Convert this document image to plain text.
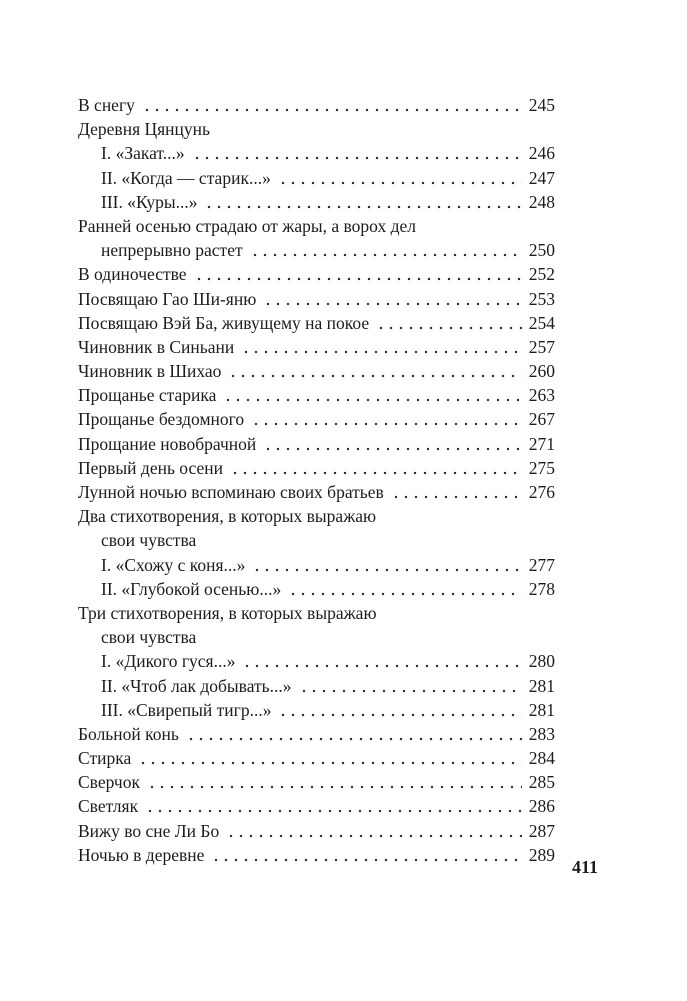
В снегу	245
Деревня Цянцунь
I. «Закат...»	246
II. «Когда — старик...»	247
III. «Куры...»	248
Ранней осенью страдаю от жары, а ворох дел
непрерывно растет	250
В одиночестве	252
Посвящаю Гао Ши-яню	253
Посвящаю Вэй Ба, живущему на покое	254
Чиновник в Синьани	257
Чиновник в Шихао	260
Прощанье старика	263
Прощанье бездомного	267
Прощание новобрачной	271
Первый день осени	275
Лунной ночью вспоминаю своих братьев	276
Два стихотворения, в которых выражаю
свои чувства
I. «Схожу с коня...»	277
II. «Глубокой осенью...»	278
Три стихотворения, в которых выражаю
свои чувства
I. «Дикого гуся...»	280
II. «Чтоб лак добывать...»	281
III. «Свирепый тигр...»	281
Больной конь	283
Стирка	284
Сверчок	285
Светляк	286
Вижу во сне Ли Бо	287
Ночью в деревне	289
411
